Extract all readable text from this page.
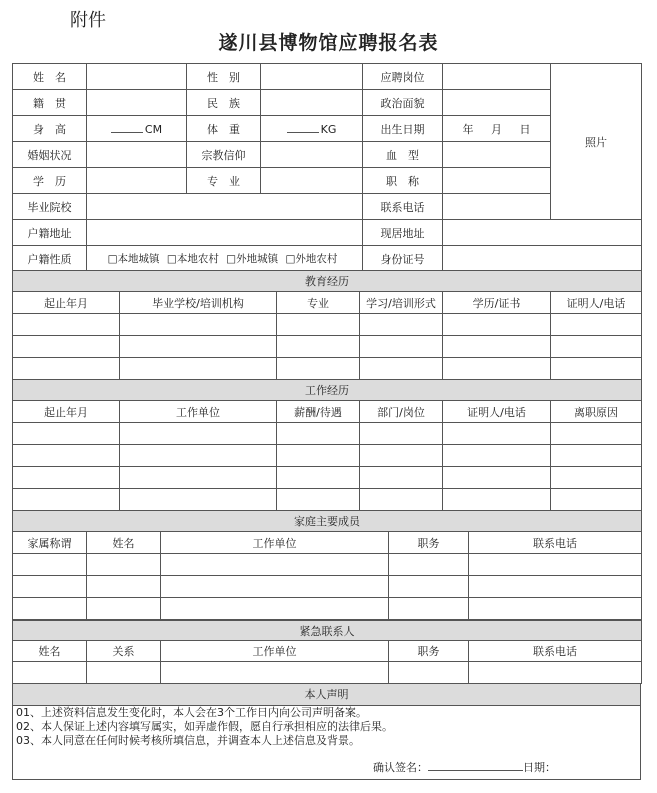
附件
遂川县博物馆应聘报名表
姓　名		性　别		应聘岗位		照片
籍　贯		民　族		政治面貌		
身　高	CM	体　重	KG	出生日期	年 月 日	
婚姻状况		宗教信仰		血　型		
学　历		专　业		职　称		
毕业院校				联系电话		
户籍地址				现居地址		
户籍性质	□本地城镇 □本地农村 □外地城镇 □外地农村			身份证号		
教育经历					
起止年月	毕业学校/培训机构	专业	学习/培训形式	学历/证书	证明人/电话

工作经历					
起止年月	工作单位	薪酬/待遇	部门/岗位	证明人/电话	离职原因

家庭主要成员				
家属称谓	姓名	工作单位	职务	联系电话

紧急联系人				
姓名	关系	工作单位	职务	联系电话

本人声明
01、上述资料信息发生变化时，本人会在3个工作日内向公司声明备案。
02、本人保证上述内容填写属实，如弄虚作假，愿自行承担相应的法律后果。
03、本人同意在任何时候考核所填信息，并调查本人上述信息及背景。
确认签名：	日期：
